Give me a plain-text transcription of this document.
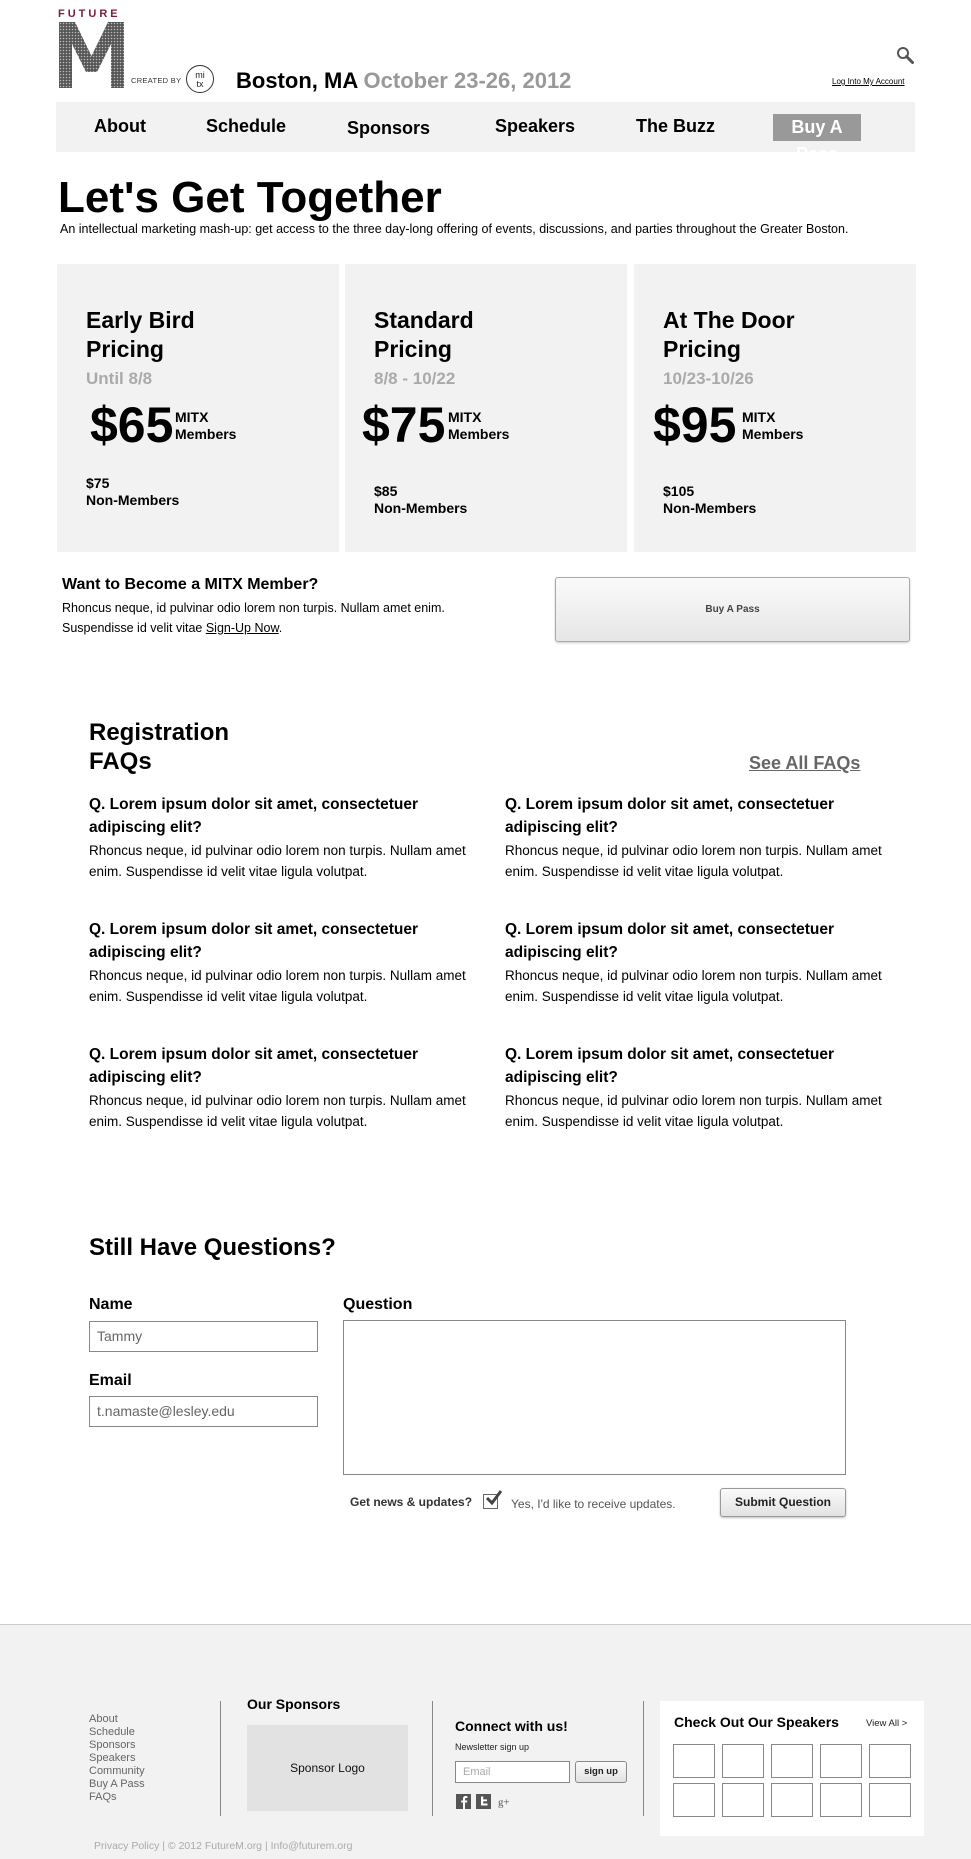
FUTURE
CREATED BY
mi
tx	Boston, MA October 23-26, 2012	Log Into My Account
About	Schedule	Sponsors	Speakers	The Buzz	Buy A Pass
Let's Get Together

An intellectual marketing mash-up: get access to the three day-long offering of events, discussions, and parties throughout the Greater Boston.

Early Bird
Pricing
Until 8/8
$65 MITX
Members
$75
Non-Members
Standard
Pricing
8/8 - 10/22
$75 MITX
Members
$85
Non-Members
At The Door
Pricing
10/23-10/26
$95 MITX
Members
$105
Non-Members
Want to Become a MITX Member?

Rhoncus neque, id pulvinar odio lorem non turpis. Nullam amet enim. Suspendisse id velit vitae Sign-Up Now.

Buy A Pass
Registration
FAQs	See All FAQs
Q. Lorem ipsum dolor sit amet, consectetuer adipiscing elit?
Rhoncus neque, id pulvinar odio lorem non turpis. Nullam amet enim. Suspendisse id velit vitae ligula volutpat.
Q. Lorem ipsum dolor sit amet, consectetuer adipiscing elit?
Rhoncus neque, id pulvinar odio lorem non turpis. Nullam amet enim. Suspendisse id velit vitae ligula volutpat.
Q. Lorem ipsum dolor sit amet, consectetuer adipiscing elit?
Rhoncus neque, id pulvinar odio lorem non turpis. Nullam amet enim. Suspendisse id velit vitae ligula volutpat.
Q. Lorem ipsum dolor sit amet, consectetuer adipiscing elit?
Rhoncus neque, id pulvinar odio lorem non turpis. Nullam amet enim. Suspendisse id velit vitae ligula volutpat.
Q. Lorem ipsum dolor sit amet, consectetuer adipiscing elit?
Rhoncus neque, id pulvinar odio lorem non turpis. Nullam amet enim. Suspendisse id velit vitae ligula volutpat.
Q. Lorem ipsum dolor sit amet, consectetuer adipiscing elit?
Rhoncus neque, id pulvinar odio lorem non turpis. Nullam amet enim. Suspendisse id velit vitae ligula volutpat.
Still Have Questions?
Name
Tammy
Email
t.namaste@lesley.edu
Question
Get news & updates?	Yes, I'd like to receive updates.	Submit Question
About
Schedule
Sponsors
Speakers
Community
Buy A Pass
FAQs
Our Sponsors
Sponsor Logo
Connect with us!
Newsletter sign up
Email	sign up
g+
Check Out Our Speakers	View All >
Privacy Policy | © 2012 FutureM.org | Info@futurem.org
